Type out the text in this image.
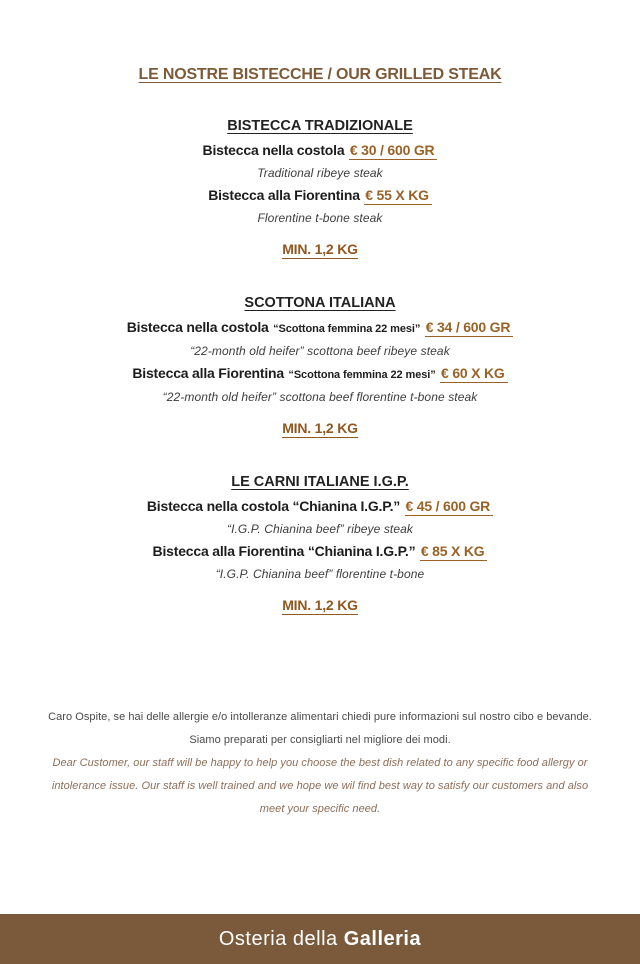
LE NOSTRE BISTECCHE / OUR GRILLED STEAK
BISTECCA TRADIZIONALE
Bistecca nella costola € 30 / 600 GR
Traditional ribeye steak
Bistecca alla Fiorentina € 55 X KG
Florentine t-bone steak
MIN. 1,2 KG
SCOTTONA ITALIANA
Bistecca nella costola “Scottona femmina 22 mesi” € 34 / 600 GR
“22-month old heifer” scottona beef ribeye steak
Bistecca alla Fiorentina “Scottona femmina 22 mesi” € 60 X KG
“22-month old heifer” scottona beef florentine t-bone steak
MIN. 1,2 KG
LE CARNI ITALIANE I.G.P.
Bistecca nella costola “Chianina I.G.P.” € 45 / 600 GR
“I.G.P. Chianina beef” ribeye steak
Bistecca alla Fiorentina “Chianina I.G.P.” € 85 X KG
“I.G.P. Chianina beef” florentine t-bone
MIN. 1,2 KG

Caro Ospite, se hai delle allergie e/o intolleranze alimentari chiedi pure informazioni sul nostro cibo e bevande.

Siamo preparati per consigliarti nel migliore dei modi.

Dear Customer, our staff will be happy to help you choose the best dish related to any specific food allergy or intolerance issue. Our staff is well trained and we hope we wil find best way to satisfy our customers and also meet your specific need.

Osteria della Galleria
